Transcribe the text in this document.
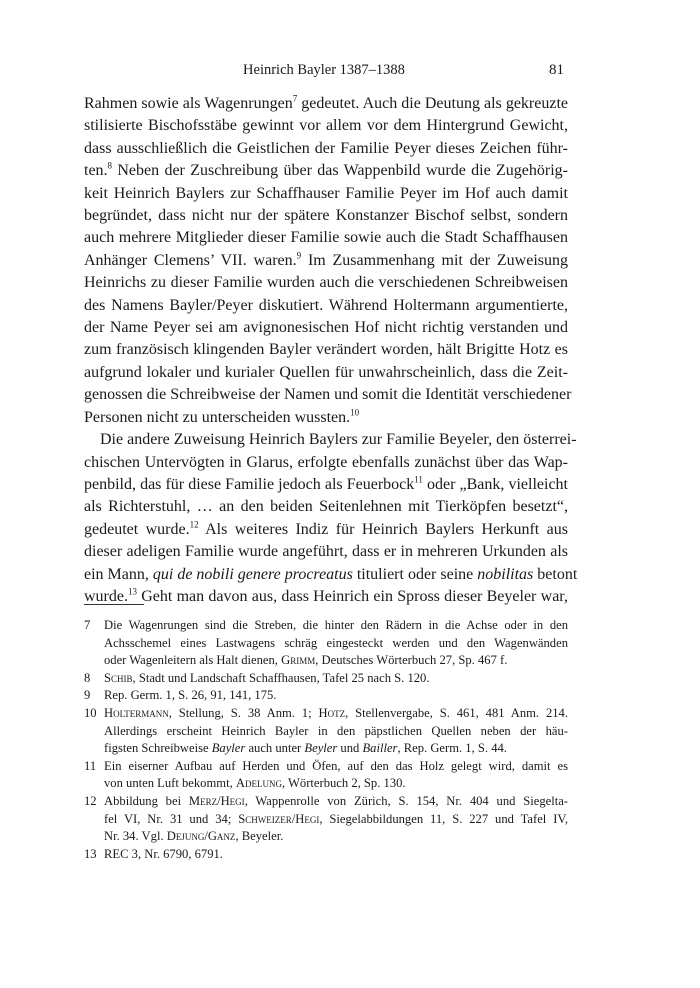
Heinrich Bayler 1387–1388	81

Rahmen sowie als Wagenrungen$^7$ gedeutet. Auch die Deutung als gekreuzte
stilisierte Bischofsstäbe gewinnt vor allem vor dem Hintergrund Gewicht,
dass ausschließlich die Geistlichen der Familie Peyer dieses Zeichen führ-
ten.$^8$ Neben der Zuschreibung über das Wappenbild wurde die Zugehörig-
keit Heinrich Baylers zur Schaffhauser Familie Peyer im Hof auch damit
begründet, dass nicht nur der spätere Konstanzer Bischof selbst, sondern
auch mehrere Mitglieder dieser Familie sowie auch die Stadt Schaffhausen
Anhänger Clemens’ VII. waren.$^9$ Im Zusammenhang mit der Zuweisung
Heinrichs zu dieser Familie wurden auch die verschiedenen Schreibweisen
des Namens Bayler/Peyer diskutiert. Während Holtermann argumentierte,
der Name Peyer sei am avignonesischen Hof nicht richtig verstanden und
zum französisch klingenden Bayler verändert worden, hält Brigitte Hotz es
aufgrund lokaler und kurialer Quellen für unwahrscheinlich, dass die Zeit-
genossen die Schreibweise der Namen und somit die Identität verschiedener
Personen nicht zu unterscheiden wussten.$^{10}$

Die andere Zuweisung Heinrich Baylers zur Familie Beyeler, den österrei-
chischen Untervögten in Glarus, erfolgte ebenfalls zunächst über das Wap-
penbild, das für diese Familie jedoch als Feuerbock$^{11}$ oder „Bank, vielleicht
als Richterstuhl, … an den beiden Seitenlehnen mit Tierköpfen besetzt“,
gedeutet wurde.$^{12}$ Als weiteres Indiz für Heinrich Baylers Herkunft aus
dieser adeligen Familie wurde angeführt, dass er in mehreren Urkunden als
ein Mann, qui de nobili genere procreatus tituliert oder seine nobilitas betont
wurde.$^{13}$ Geht man davon aus, dass Heinrich ein Spross dieser Beyeler war,

7	Die Wagenrungen sind die Streben, die hinter den Rädern in die Achse oder in den
Achsschemel eines Lastwagens schräg eingesteckt werden und den Wagenwänden
oder Wagenleitern als Halt dienen, Grimm, Deutsches Wörterbuch 27, Sp. 467 f.
8	Schib, Stadt und Landschaft Schaffhausen, Tafel 25 nach S. 120.
9	Rep. Germ. 1, S. 26, 91, 141, 175.
10 Holtermann, Stellung, S. 38 Anm. 1; Hotz, Stellenvergabe, S. 461, 481 Anm. 214.
Allerdings erscheint Heinrich Bayler in den päpstlichen Quellen neben der häu-
figsten Schreibweise Bayler auch unter Beyler und Bailler, Rep. Germ. 1, S. 44.
11 Ein eiserner Aufbau auf Herden und Öfen, auf den das Holz gelegt wird, damit es
von unten Luft bekommt, Adelung, Wörterbuch 2, Sp. 130.
12 Abbildung bei Merz/Hegi, Wappenrolle von Zürich, S. 154, Nr. 404 und Siegelta-
fel VI, Nr. 31 und 34; Schweizer/Hegi, Siegelabbildungen 11, S. 227 und Tafel IV,
Nr. 34. Vgl. Dejung/Ganz, Beyeler.
13 REC 3, Nr. 6790, 6791.
